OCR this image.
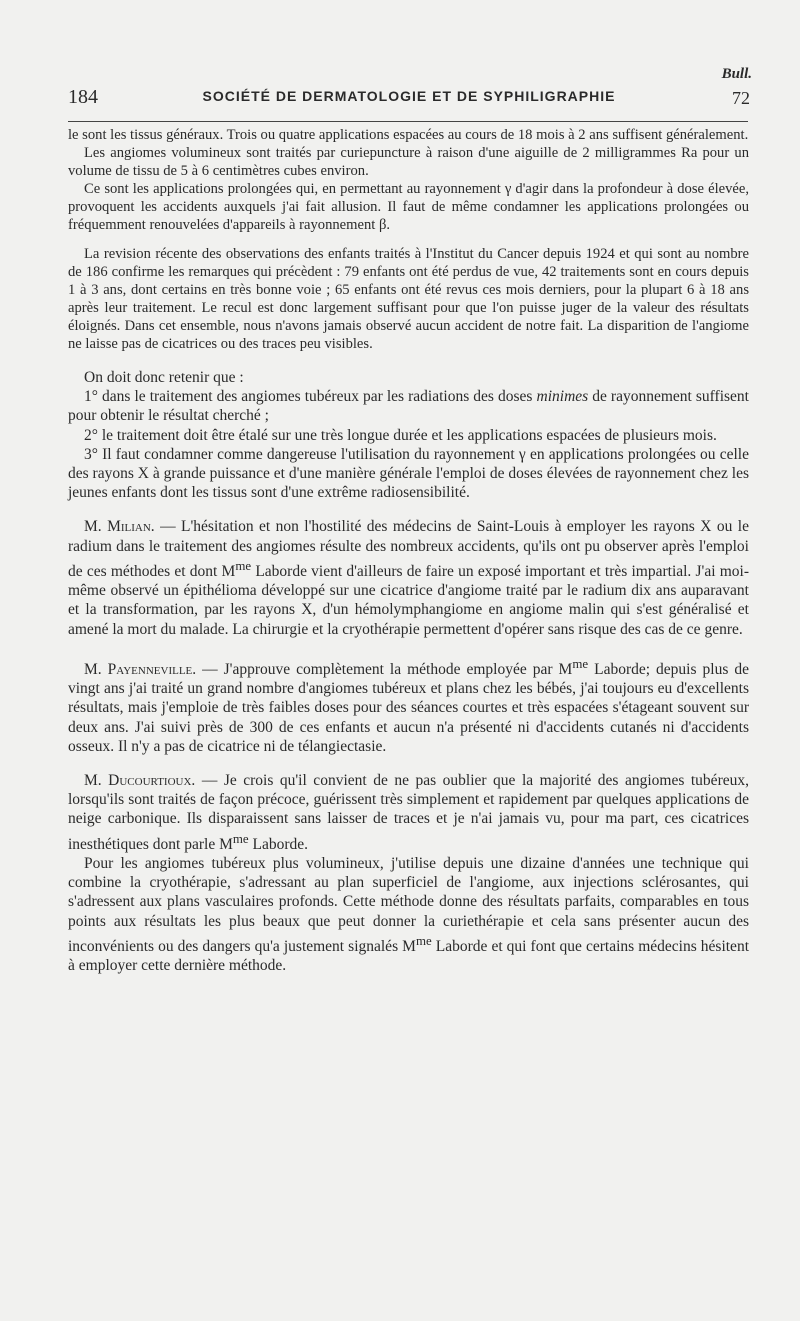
Bull.
184	SOCIÉTÉ DE DERMATOLOGIE ET DE SYPHILIGRAPHIE	72

le sont les tissus généraux. Trois ou quatre applications espacées au cours de 18 mois à 2 ans suffisent généralement.

Les angiomes volumineux sont traités par curiepuncture à raison d'une aiguille de 2 milligrammes Ra pour un volume de tissu de 5 à 6 centimètres cubes environ.

Ce sont les applications prolongées qui, en permettant au rayonnement γ d'agir dans la profondeur à dose élevée, provoquent les accidents auxquels j'ai fait allusion. Il faut de même condamner les applications prolongées ou fréquemment renouvelées d'appareils à rayonnement β.

La revision récente des observations des enfants traités à l'Institut du Cancer depuis 1924 et qui sont au nombre de 186 confirme les remarques qui précèdent : 79 enfants ont été perdus de vue, 42 traitements sont en cours depuis 1 à 3 ans, dont certains en très bonne voie ; 65 enfants ont été revus ces mois derniers, pour la plupart 6 à 18 ans après leur traitement. Le recul est donc largement suffisant pour que l'on puisse juger de la valeur des résultats éloignés. Dans cet ensemble, nous n'avons jamais observé aucun accident de notre fait. La disparition de l'angiome ne laisse pas de cicatrices ou des traces peu visibles.

On doit donc retenir que :

1° dans le traitement des angiomes tubéreux par les radiations des doses minimes de rayonnement suffisent pour obtenir le résultat cherché ;

2° le traitement doit être étalé sur une très longue durée et les applications espacées de plusieurs mois.

3° Il faut condamner comme dangereuse l'utilisation du rayonnement γ en applications prolongées ou celle des rayons X à grande puissance et d'une manière générale l'emploi de doses élevées de rayonnement chez les jeunes enfants dont les tissus sont d'une extrême radiosensibilité.

M. Milian. — L'hésitation et non l'hostilité des médecins de Saint-Louis à employer les rayons X ou le radium dans le traitement des angiomes résulte des nombreux accidents, qu'ils ont pu observer après l'emploi de ces méthodes et dont $M^{me}$ Laborde vient d'ailleurs de faire un exposé important et très impartial. J'ai moi-même observé un épithélioma développé sur une cicatrice d'angiome traité par le radium dix ans auparavant et la transformation, par les rayons X, d'un hémolymphangiome en angiome malin qui s'est généralisé et amené la mort du malade. La chirurgie et la cryothérapie permettent d'opérer sans risque des cas de ce genre.

M. Payenneville. — J'approuve complètement la méthode employée par $M^{me}$ Laborde; depuis plus de vingt ans j'ai traité un grand nombre d'angiomes tubéreux et plans chez les bébés, j'ai toujours eu d'excellents résultats, mais j'emploie de très faibles doses pour des séances courtes et très espacées s'étageant souvent sur deux ans. J'ai suivi près de 300 de ces enfants et aucun n'a présenté ni d'accidents cutanés ni d'accidents osseux. Il n'y a pas de cicatrice ni de télangiectasie.

M. Ducourtioux. — Je crois qu'il convient de ne pas oublier que la majorité des angiomes tubéreux, lorsqu'ils sont traités de façon précoce, guérissent très simplement et rapidement par quelques applications de neige carbonique. Ils disparaissent sans laisser de traces et je n'ai jamais vu, pour ma part, ces cicatrices inesthétiques dont parle $M^{me}$ Laborde.

Pour les angiomes tubéreux plus volumineux, j'utilise depuis une dizaine d'années une technique qui combine la cryothérapie, s'adressant au plan superficiel de l'angiome, aux injections sclérosantes, qui s'adressent aux plans vasculaires profonds. Cette méthode donne des résultats parfaits, comparables en tous points aux résultats les plus beaux que peut donner la curiethérapie et cela sans présenter aucun des inconvénients ou des dangers qu'a justement signalés $M^{me}$ Laborde et qui font que certains médecins hésitent à employer cette dernière méthode.
